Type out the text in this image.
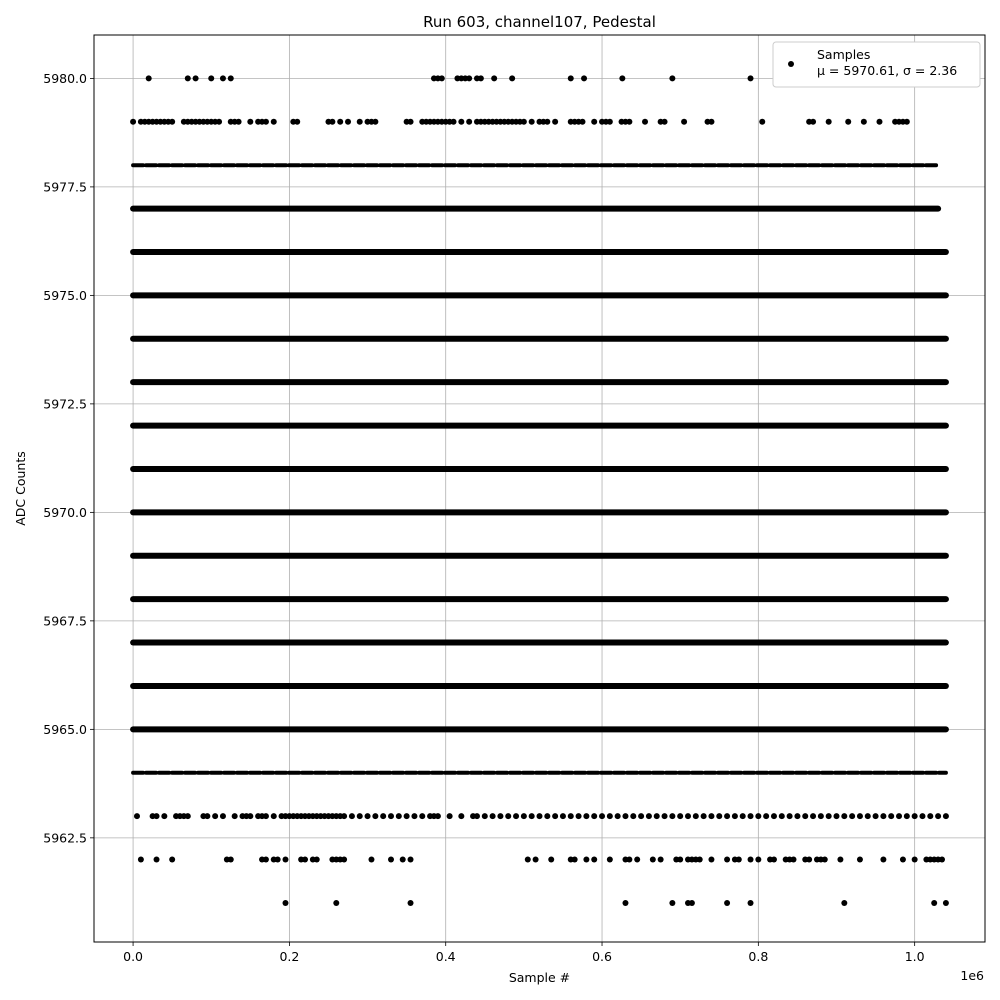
0.0	0.2	0.4	0.6	0.8	1.0
5962.5
5965.0
5967.5
5970.0
5972.5
5975.0
5977.5
5980.0
Run 603, channel107, Pedestal
Sample #
ADC Counts
1e6
Samples
μ = 5970.61, σ = 2.36
